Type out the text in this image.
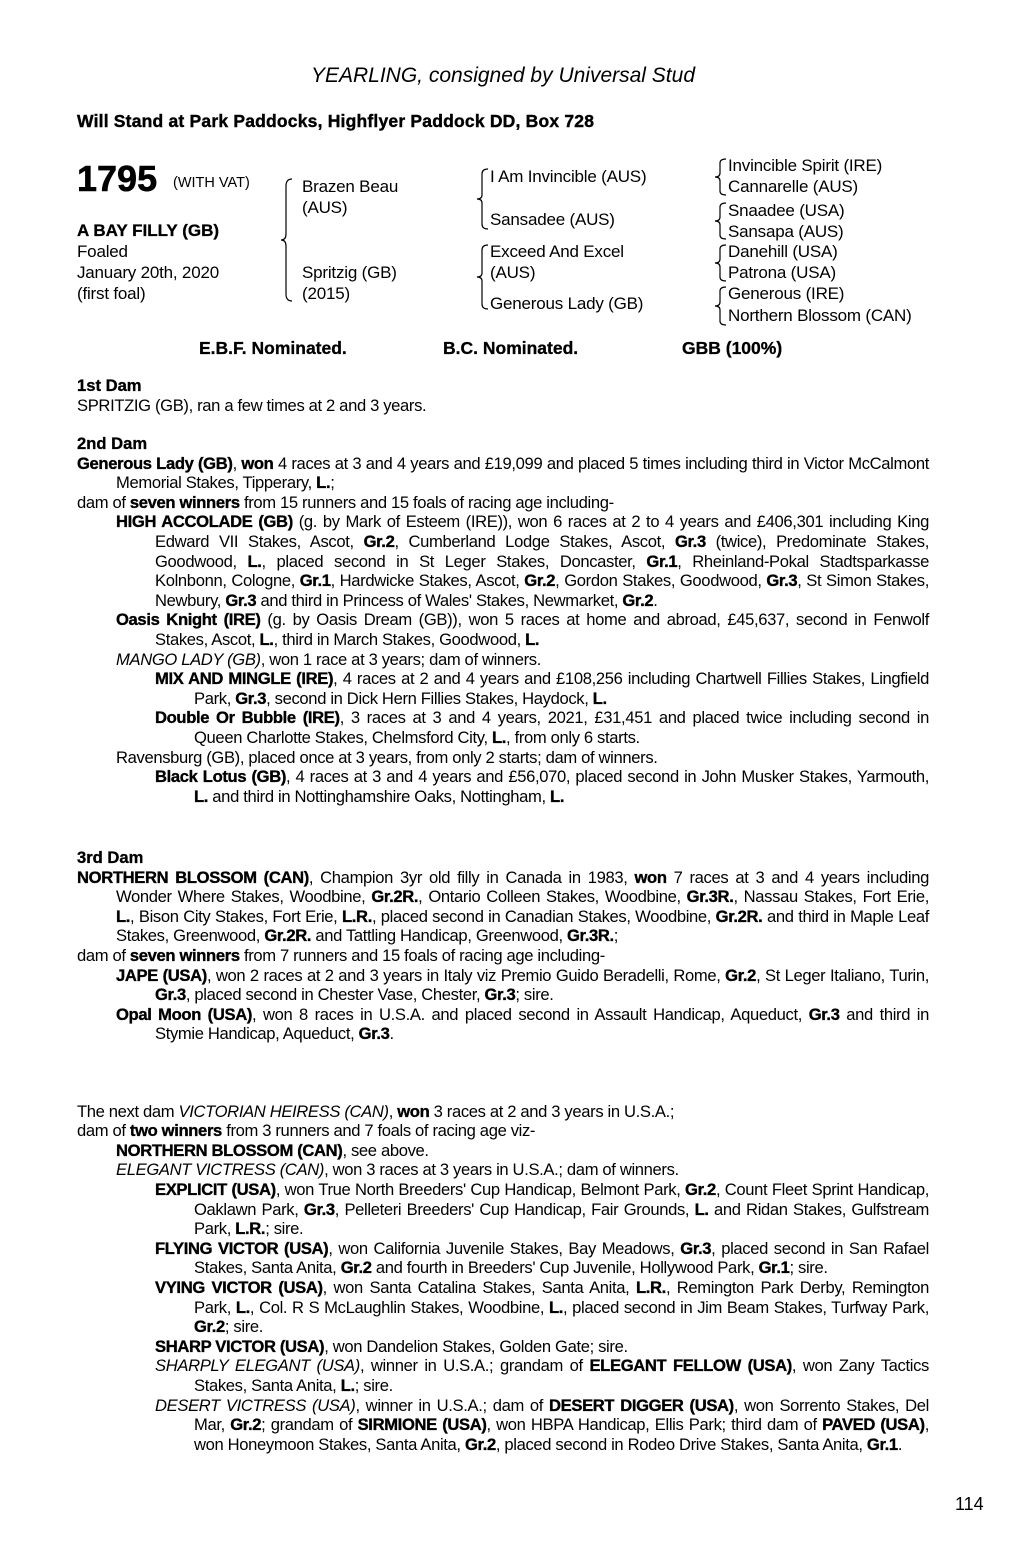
YEARLING, consigned by Universal Stud
Will Stand at Park Paddocks, Highflyer Paddock DD, Box 728
1795 (WITH VAT)
A BAY FILLY (GB)
Foaled
January 20th, 2020
(first foal)
Brazen Beau
(AUS)
Spritzig (GB)
(2015)
I Am Invincible (AUS)
Sansadee (AUS)
Exceed And Excel
(AUS)
Generous Lady (GB)
Invincible Spirit (IRE)
Cannarelle (AUS)
Snaadee (USA)
Sansapa (AUS)
Danehill (USA)
Patrona (USA)
Generous (IRE)
Northern Blossom (CAN)
E.B.F. Nominated.	B.C. Nominated.	GBB (100%)
1st Dam
SPRITZIG (GB), ran a few times at 2 and 3 years.
2nd Dam
Generous Lady (GB), won 4 races at 3 and 4 years and £19,099 and placed 5 times including third in Victor McCalmont Memorial Stakes, Tipperary, L.;
dam of seven winners from 15 runners and 15 foals of racing age including-
HIGH ACCOLADE (GB) (g. by Mark of Esteem (IRE)), won 6 races at 2 to 4 years and £406,301 including King Edward VII Stakes, Ascot, Gr.2, Cumberland Lodge Stakes, Ascot, Gr.3 (twice), Predominate Stakes, Goodwood, L., placed second in St Leger Stakes, Doncaster, Gr.1, Rheinland-Pokal Stadtsparkasse Kolnbonn, Cologne, Gr.1, Hardwicke Stakes, Ascot, Gr.2, Gordon Stakes, Goodwood, Gr.3, St Simon Stakes, Newbury, Gr.3 and third in Princess of Wales' Stakes, Newmarket, Gr.2.
Oasis Knight (IRE) (g. by Oasis Dream (GB)), won 5 races at home and abroad, £45,637, second in Fenwolf Stakes, Ascot, L., third in March Stakes, Goodwood, L.
MANGO LADY (GB), won 1 race at 3 years; dam of winners.
MIX AND MINGLE (IRE), 4 races at 2 and 4 years and £108,256 including Chartwell Fillies Stakes, Lingfield Park, Gr.3, second in Dick Hern Fillies Stakes, Haydock, L.
Double Or Bubble (IRE), 3 races at 3 and 4 years, 2021, £31,451 and placed twice including second in Queen Charlotte Stakes, Chelmsford City, L., from only 6 starts.
Ravensburg (GB), placed once at 3 years, from only 2 starts; dam of winners.
Black Lotus (GB), 4 races at 3 and 4 years and £56,070, placed second in John Musker Stakes, Yarmouth, L. and third in Nottinghamshire Oaks, Nottingham, L.
3rd Dam
NORTHERN BLOSSOM (CAN), Champion 3yr old filly in Canada in 1983, won 7 races at 3 and 4 years including Wonder Where Stakes, Woodbine, Gr.2R., Ontario Colleen Stakes, Woodbine, Gr.3R., Nassau Stakes, Fort Erie, L., Bison City Stakes, Fort Erie, L.R., placed second in Canadian Stakes, Woodbine, Gr.2R. and third in Maple Leaf Stakes, Greenwood, Gr.2R. and Tattling Handicap, Greenwood, Gr.3R.;
dam of seven winners from 7 runners and 15 foals of racing age including-
JAPE (USA), won 2 races at 2 and 3 years in Italy viz Premio Guido Beradelli, Rome, Gr.2, St Leger Italiano, Turin, Gr.3, placed second in Chester Vase, Chester, Gr.3; sire.
Opal Moon (USA), won 8 races in U.S.A. and placed second in Assault Handicap, Aqueduct, Gr.3 and third in Stymie Handicap, Aqueduct, Gr.3.

The next dam VICTORIAN HEIRESS (CAN), won 3 races at 2 and 3 years in U.S.A.;
dam of two winners from 3 runners and 7 foals of racing age viz-
NORTHERN BLOSSOM (CAN), see above.
ELEGANT VICTRESS (CAN), won 3 races at 3 years in U.S.A.; dam of winners.
EXPLICIT (USA), won True North Breeders' Cup Handicap, Belmont Park, Gr.2, Count Fleet Sprint Handicap, Oaklawn Park, Gr.3, Pelleteri Breeders' Cup Handicap, Fair Grounds, L. and Ridan Stakes, Gulfstream Park, L.R.; sire.
FLYING VICTOR (USA), won California Juvenile Stakes, Bay Meadows, Gr.3, placed second in San Rafael Stakes, Santa Anita, Gr.2 and fourth in Breeders' Cup Juvenile, Hollywood Park, Gr.1; sire.
VYING VICTOR (USA), won Santa Catalina Stakes, Santa Anita, L.R., Remington Park Derby, Remington Park, L., Col. R S McLaughlin Stakes, Woodbine, L., placed second in Jim Beam Stakes, Turfway Park, Gr.2; sire.
SHARP VICTOR (USA), won Dandelion Stakes, Golden Gate; sire.
SHARPLY ELEGANT (USA), winner in U.S.A.; grandam of ELEGANT FELLOW (USA), won Zany Tactics Stakes, Santa Anita, L.; sire.
DESERT VICTRESS (USA), winner in U.S.A.; dam of DESERT DIGGER (USA), won Sorrento Stakes, Del Mar, Gr.2; grandam of SIRMIONE (USA), won HBPA Handicap, Ellis Park; third dam of PAVED (USA), won Honeymoon Stakes, Santa Anita, Gr.2, placed second in Rodeo Drive Stakes, Santa Anita, Gr.1.
114
